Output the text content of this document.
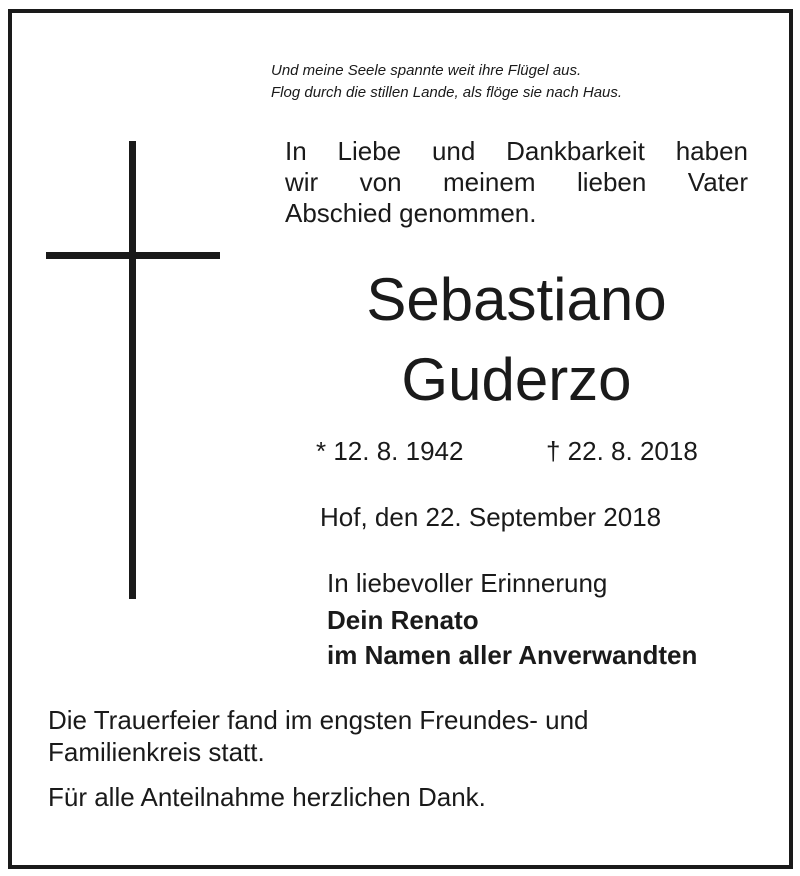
Und meine Seele spannte weit ihre Flügel aus.
Flog durch die stillen Lande, als flöge sie nach Haus.
In Liebe und Dankbarkeit haben
wir von meinem lieben Vater
Abschied genommen.
Sebastiano
Guderzo
* 12. 8. 1942	† 22. 8. 2018
Hof, den 22. September 2018
In liebevoller Erinnerung
Dein Renato
im Namen aller Anverwandten
Die Trauerfeier fand im engsten Freundes- und
Familienkreis statt.
Für alle Anteilnahme herzlichen Dank.
